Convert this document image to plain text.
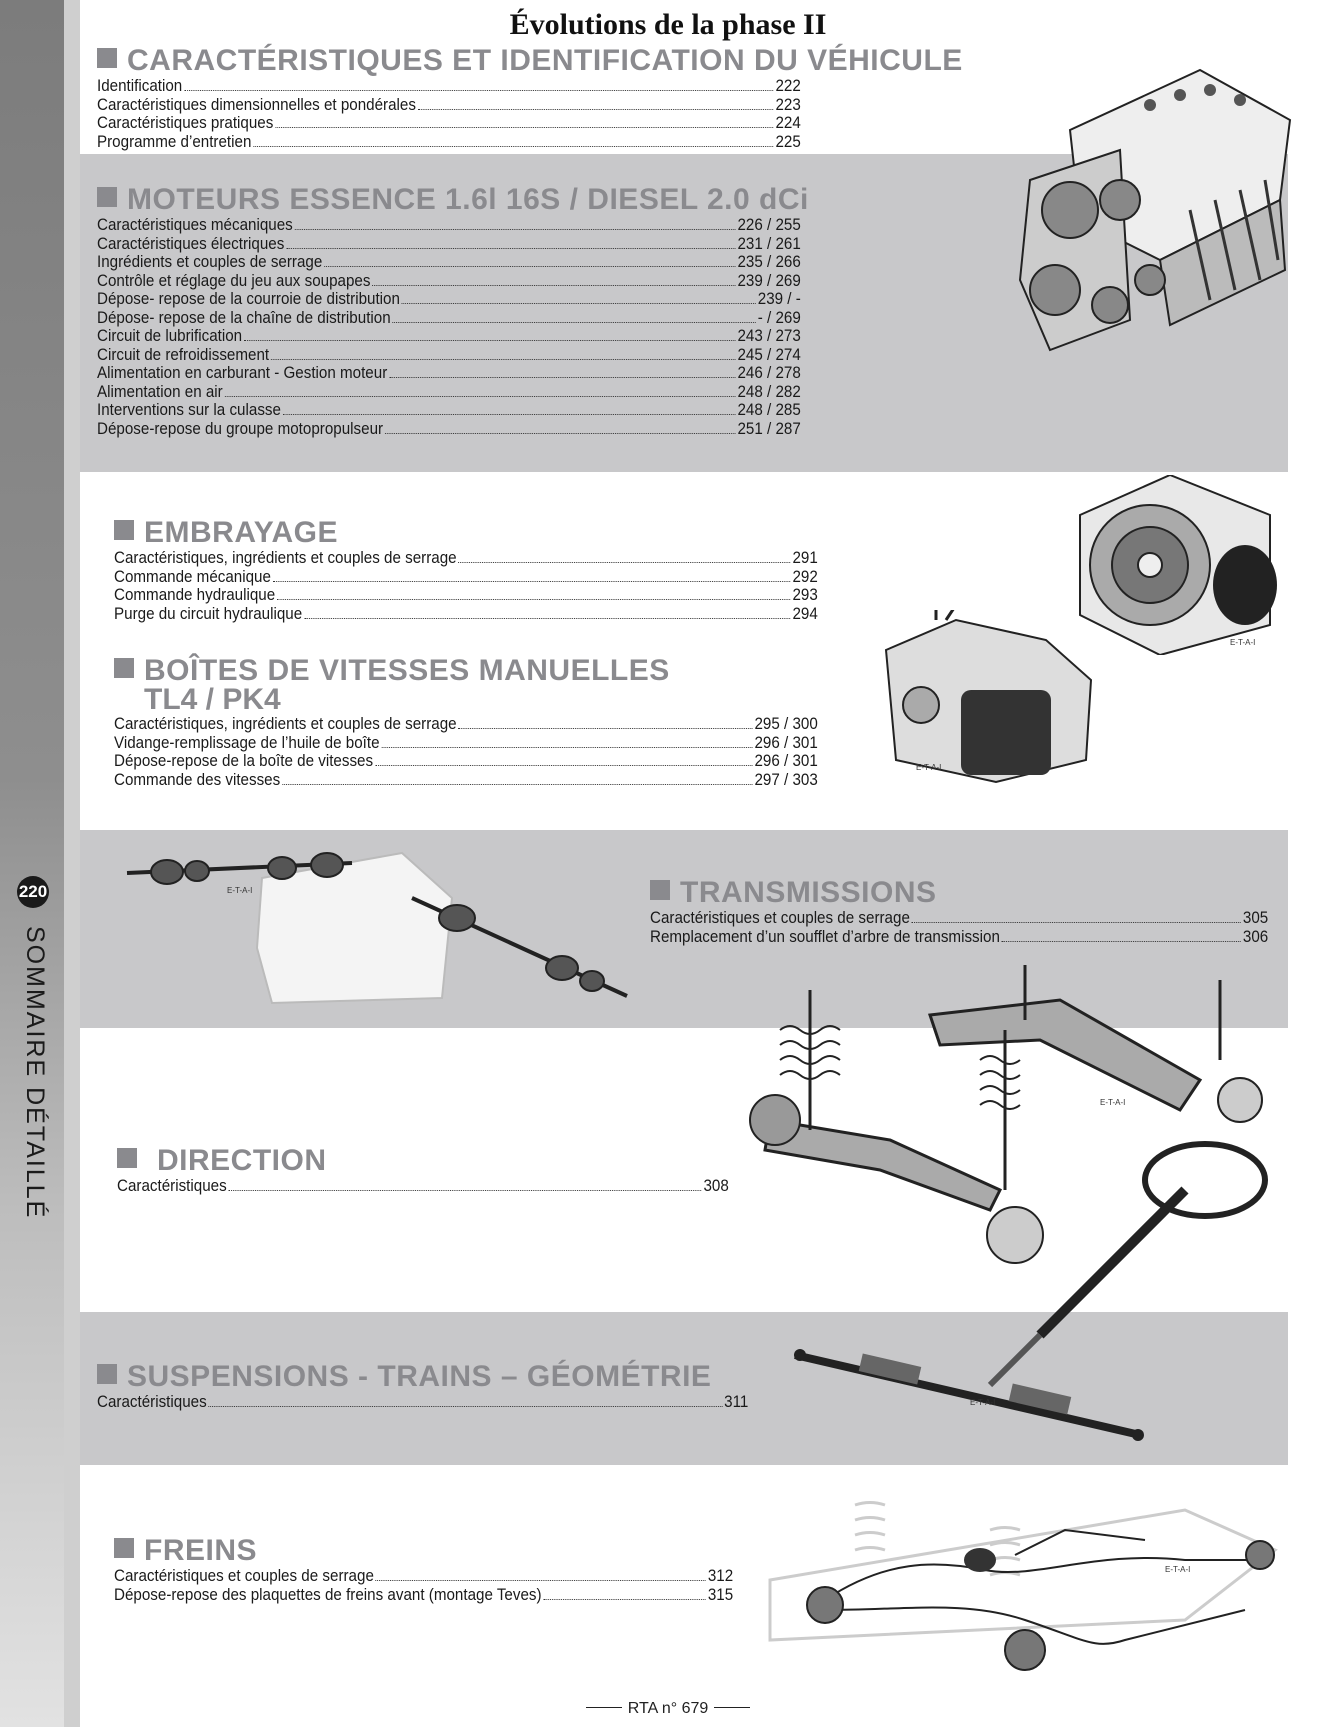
220
SOMMAIRE DÉTAILLÉ
Évolutions de la phase II
CARACTÉRISTIQUES ET IDENTIFICATION DU VÉHICULE
Identification	222
Caractéristiques dimensionnelles et pondérales	223
Caractéristiques pratiques	224
Programme d’entretien	225
MOTEURS ESSENCE 1.6l 16S / DIESEL 2.0 dCi
Caractéristiques mécaniques	226 / 255
Caractéristiques électriques	231 / 261
Ingrédients et couples de serrage	235 / 266
Contrôle et réglage du jeu aux soupapes	239 / 269
Dépose- repose de la courroie de distribution	239 / -
Dépose- repose de la chaîne de distribution	- / 269
Circuit de lubrification	243 / 273
Circuit de refroidissement	245 / 274
Alimentation en carburant - Gestion moteur	246 / 278
Alimentation en air	248 / 282
Interventions sur la culasse	248 / 285
Dépose-repose du groupe motopropulseur	251 / 287
EMBRAYAGE
Caractéristiques, ingrédients et couples de serrage	291
Commande mécanique	292
Commande hydraulique	293
Purge du circuit hydraulique	294
BOÎTES DE VITESSES MANUELLES
TL4 / PK4
Caractéristiques, ingrédients et couples de serrage	295 / 300
Vidange-remplissage de l’huile de boîte	296 / 301
Dépose-repose de la boîte de vitesses	296 / 301
Commande des vitesses	297 / 303
TRANSMISSIONS
Caractéristiques et couples de serrage	305
Remplacement d’un soufflet d’arbre de transmission	306
DIRECTION
Caractéristiques	308
SUSPENSIONS - TRAINS – GÉOMÉTRIE
Caractéristiques	311
FREINS
Caractéristiques et couples de serrage	312
Dépose-repose des plaquettes de freins avant (montage Teves)	315
E-T-A-I
E-T-A-I
E-T-A-I
E-T-A-I
E-T-A-I
E-T-A-I
RTA n° 679
